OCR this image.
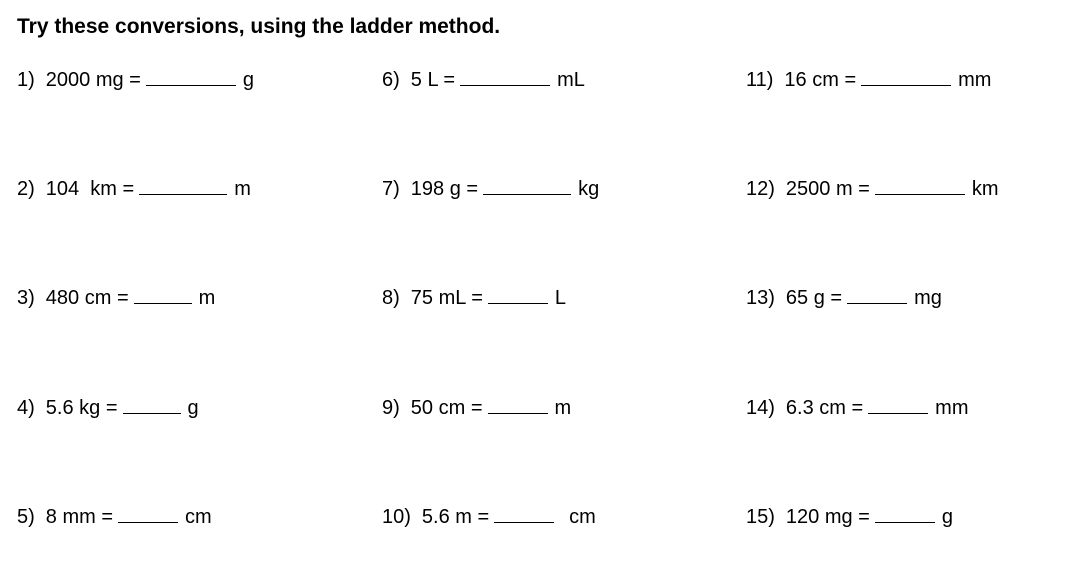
Try these conversions, using the ladder method.
1) 2000 mg =	g
2) 104  km =	m
3) 480 cm =	m
4) 5.6 kg =	g
5) 8 mm =	cm
6) 5 L =	mL
7) 198 g =	kg
8) 75 mL =	L
9) 50 cm =	m
10) 5.6 m =	cm
11) 16 cm =	mm
12) 2500 m =	km
13) 65 g =	mg
14) 6.3 cm =	mm
15) 120 mg =	g
